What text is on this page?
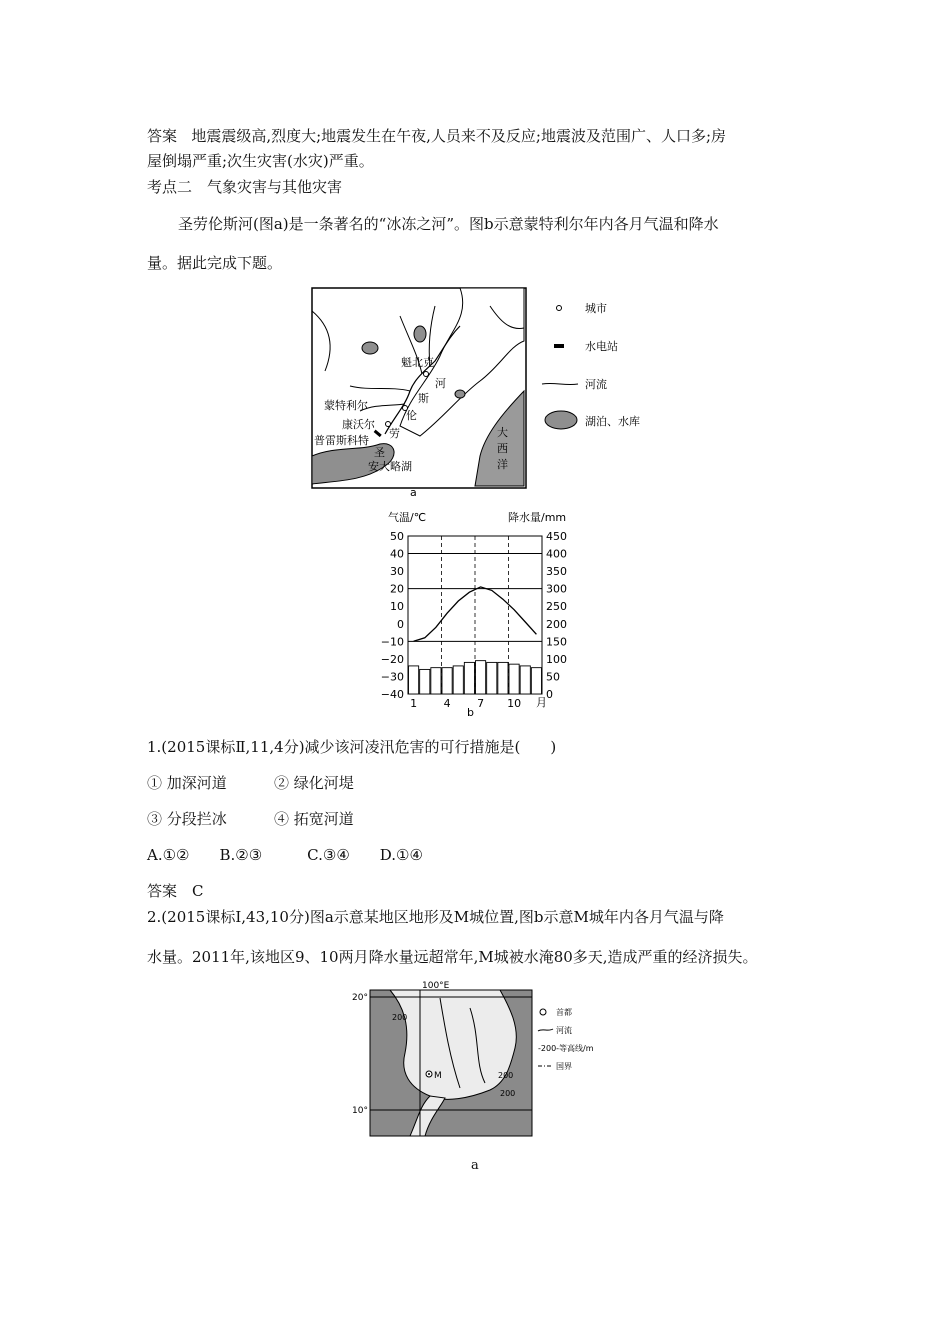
答案 地震震级高,烈度大;地震发生在午夜,人员来不及反应;地震波及范围广、人口多;房
屋倒塌严重;次生灾害(水灾)严重。
考点二　气象灾害与其他灾害
圣劳伦斯河(图a)是一条著名的“冰冻之河”。图b示意蒙特利尔年内各月气温和降水
量。据此完成下题。
魁北克
蒙特利尔
康沃尔
普雷斯科特
河
斯
伦
劳
圣
安大略湖
大
西
洋
a
城市
水电站
河流
湖泊、水库
气温/℃	降水量/mm
月
b
50
40
30
20
10
0
−10
−20
−30
−40
450
400
350
300
250
200
150
100
50
0
1 4 7 10
1.(2015课标Ⅱ,11,4分)减少该河凌汛危害的可行措施是(　　)
① 加深河道	② 绿化河堤
③ 分段拦冰	④ 拓宽河道
A.①②　　B.②③　　　C.③④　　D.①④
答案　C
2.(2015课标Ⅰ,43,10分)图a示意某地区地形及M城位置,图b示意M城年内各月气温与降
水量。2011年,该地区9、10两月降水量远超常年,M城被水淹80多天,造成严重的经济损失。
M
100°E
20°
10°
200
200
200
首都
河流
-200-等高线/m
国界
a
